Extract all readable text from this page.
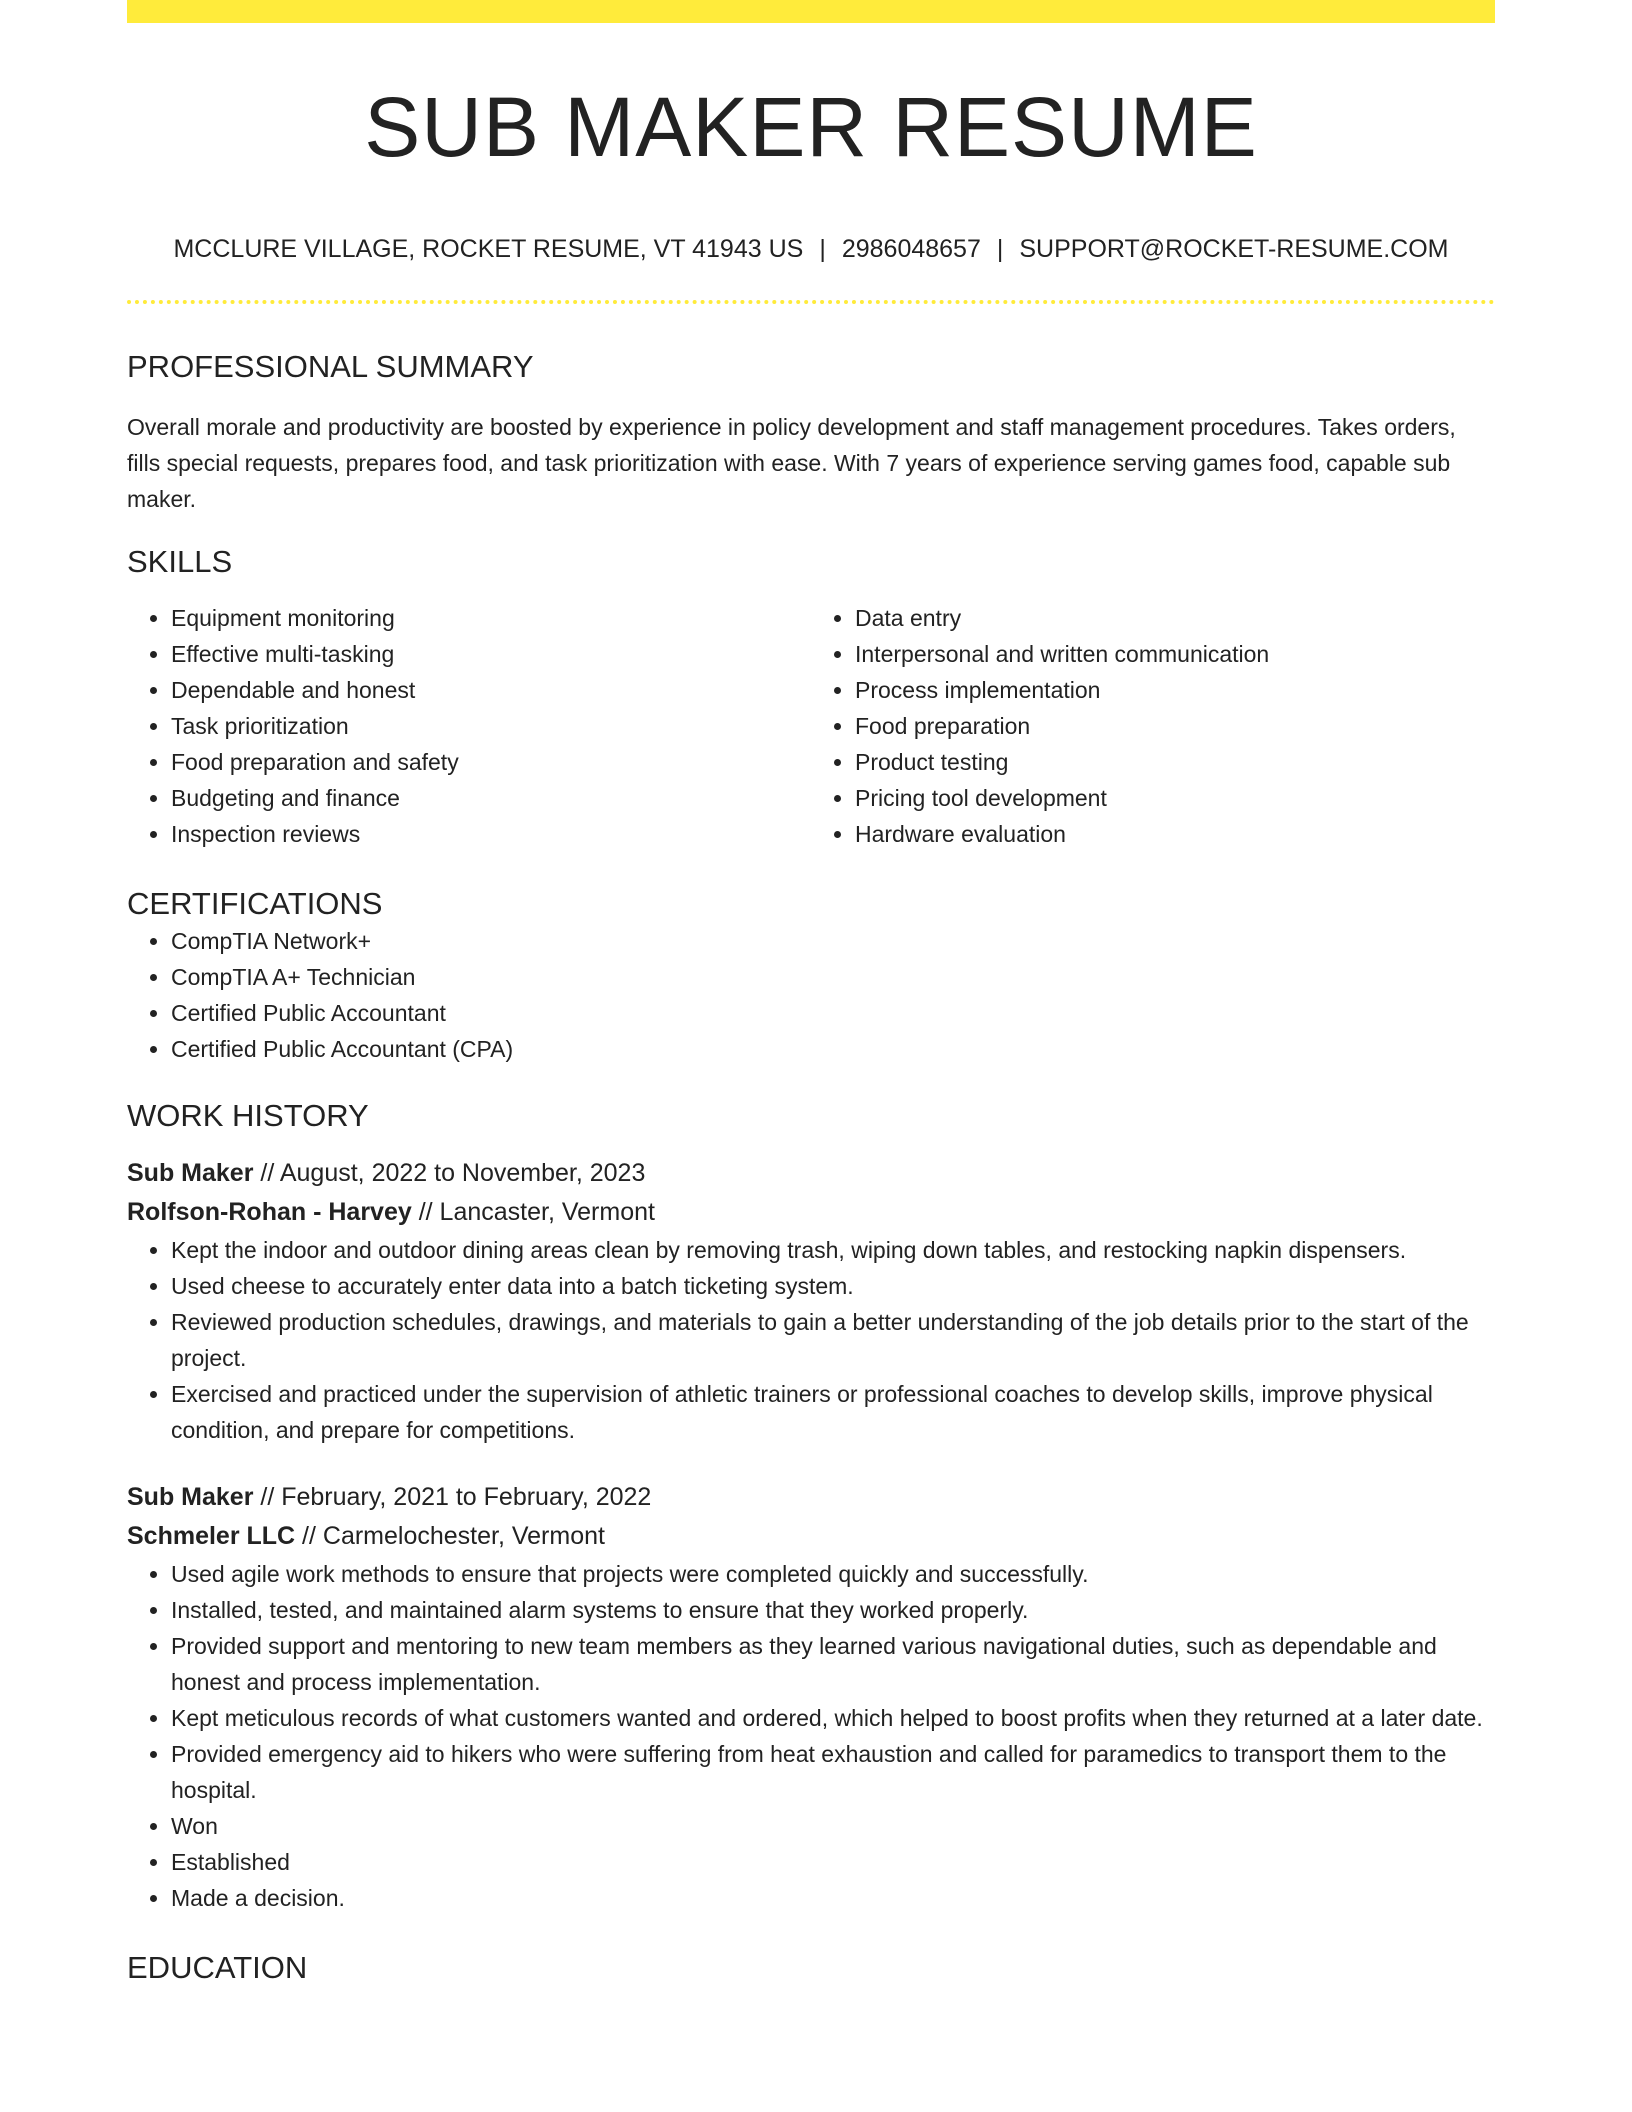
SUB MAKER RESUME
MCCLURE VILLAGE, ROCKET RESUME, VT 41943 US | 2986048657 | SUPPORT@ROCKET-RESUME.COM
PROFESSIONAL SUMMARY

Overall morale and productivity are boosted by experience in policy development and staff management procedures. Takes orders, fills special requests, prepares food, and task prioritization with ease. With 7 years of experience serving games food, capable sub maker.

SKILLS
• Equipment monitoring
• Effective multi-tasking
• Dependable and honest
• Task prioritization
• Food preparation and safety
• Budgeting and finance
• Inspection reviews
• Data entry
• Interpersonal and written communication
• Process implementation
• Food preparation
• Product testing
• Pricing tool development
• Hardware evaluation
CERTIFICATIONS
• CompTIA Network+
• CompTIA A+ Technician
• Certified Public Accountant
• Certified Public Accountant (CPA)
WORK HISTORY

Sub Maker // August, 2022 to November, 2023

Rolfson-Rohan - Harvey // Lancaster, Vermont

• Kept the indoor and outdoor dining areas clean by removing trash, wiping down tables, and restocking napkin dispensers.
• Used cheese to accurately enter data into a batch ticketing system.
• Reviewed production schedules, drawings, and materials to gain a better understanding of the job details prior to the start of the project.
• Exercised and practiced under the supervision of athletic trainers or professional coaches to develop skills, improve physical condition, and prepare for competitions.

Sub Maker // February, 2021 to February, 2022

Schmeler LLC // Carmelochester, Vermont

• Used agile work methods to ensure that projects were completed quickly and successfully.
• Installed, tested, and maintained alarm systems to ensure that they worked properly.
• Provided support and mentoring to new team members as they learned various navigational duties, such as dependable and honest and process implementation.
• Kept meticulous records of what customers wanted and ordered, which helped to boost profits when they returned at a later date.
• Provided emergency aid to hikers who were suffering from heat exhaustion and called for paramedics to transport them to the hospital.
• Won
• Established
• Made a decision.
EDUCATION
